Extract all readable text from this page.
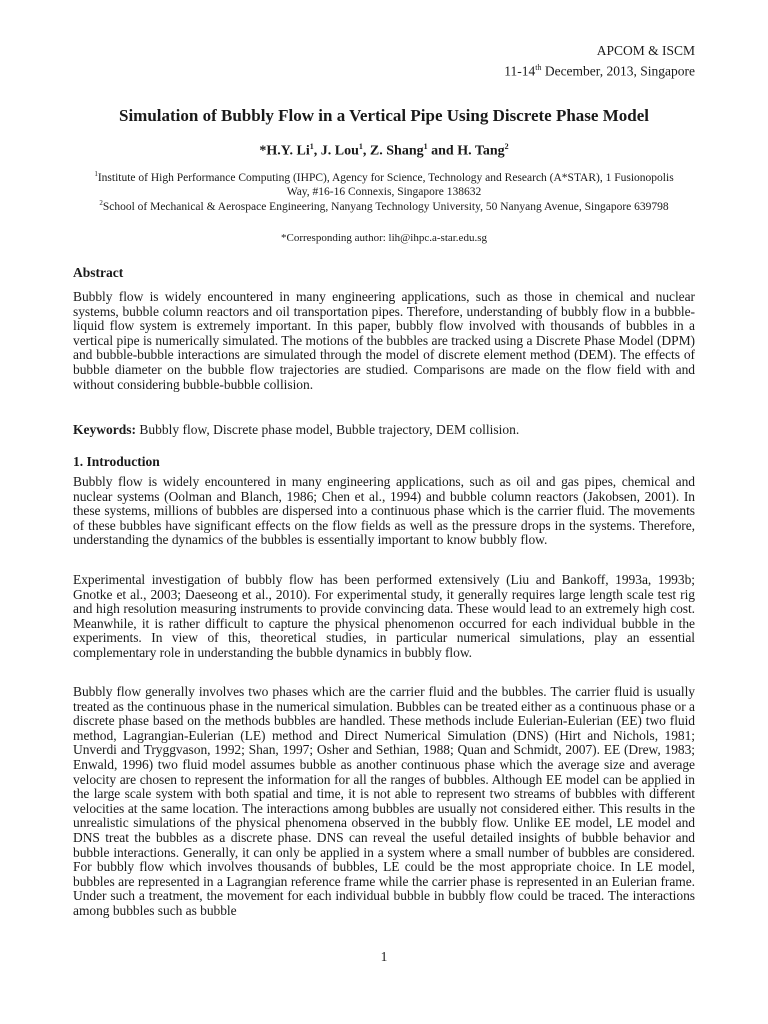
APCOM & ISCM
11-14th December, 2013, Singapore
Simulation of Bubbly Flow in a Vertical Pipe Using Discrete Phase Model
*H.Y. Li$^1$, J. Lou$^1$, Z. Shang$^1$ and H. Tang$^2$
$^1$Institute of High Performance Computing (IHPC), Agency for Science, Technology and Research (A*STAR), 1 Fusionopolis Way, #16-16 Connexis, Singapore 138632
$^2$School of Mechanical & Aerospace Engineering, Nanyang Technology University, 50 Nanyang Avenue, Singapore 639798
*Corresponding author: lih@ihpc.a-star.edu.sg
Abstract
Bubbly flow is widely encountered in many engineering applications, such as those in chemical and nuclear systems, bubble column reactors and oil transportation pipes. Therefore, understanding of bubbly flow in a bubble-liquid flow system is extremely important. In this paper, bubbly flow involved with thousands of bubbles in a vertical pipe is numerically simulated. The motions of the bubbles are tracked using a Discrete Phase Model (DPM) and bubble-bubble interactions are simulated through the model of discrete element method (DEM). The effects of bubble diameter on the bubble flow trajectories are studied. Comparisons are made on the flow field with and without considering bubble-bubble collision.
Keywords: Bubbly flow, Discrete phase model, Bubble trajectory, DEM collision.
1. Introduction
Bubbly flow is widely encountered in many engineering applications, such as oil and gas pipes, chemical and nuclear systems (Oolman and Blanch, 1986; Chen et al., 1994) and bubble column reactors (Jakobsen, 2001). In these systems, millions of bubbles are dispersed into a continuous phase which is the carrier fluid. The movements of these bubbles have significant effects on the flow fields as well as the pressure drops in the systems. Therefore, understanding the dynamics of the bubbles is essentially important to know bubbly flow.
Experimental investigation of bubbly flow has been performed extensively (Liu and Bankoff, 1993a, 1993b; Gnotke et al., 2003; Daeseong et al., 2010). For experimental study, it generally requires large length scale test rig and high resolution measuring instruments to provide convincing data. These would lead to an extremely high cost. Meanwhile, it is rather difficult to capture the physical phenomenon occurred for each individual bubble in the experiments. In view of this, theoretical studies, in particular numerical simulations, play an essential complementary role in understanding the bubble dynamics in bubbly flow.
Bubbly flow generally involves two phases which are the carrier fluid and the bubbles. The carrier fluid is usually treated as the continuous phase in the numerical simulation. Bubbles can be treated either as a continuous phase or a discrete phase based on the methods bubbles are handled. These methods include Eulerian-Eulerian (EE) two fluid method, Lagrangian-Eulerian (LE) method and Direct Numerical Simulation (DNS) (Hirt and Nichols, 1981; Unverdi and Tryggvason, 1992; Shan, 1997; Osher and Sethian, 1988; Quan and Schmidt, 2007). EE (Drew, 1983; Enwald, 1996) two fluid model assumes bubble as another continuous phase which the average size and average velocity are chosen to represent the information for all the ranges of bubbles. Although EE model can be applied in the large scale system with both spatial and time, it is not able to represent two streams of bubbles with different velocities at the same location. The interactions among bubbles are usually not considered either. This results in the unrealistic simulations of the physical phenomena observed in the bubbly flow. Unlike EE model, LE model and DNS treat the bubbles as a discrete phase. DNS can reveal the useful detailed insights of bubble behavior and bubble interactions. Generally, it can only be applied in a system where a small number of bubbles are considered. For bubbly flow which involves thousands of bubbles, LE could be the most appropriate choice. In LE model, bubbles are represented in a Lagrangian reference frame while the carrier phase is represented in an Eulerian frame. Under such a treatment, the movement for each individual bubble in bubbly flow could be traced. The interactions among bubbles such as bubble
1
